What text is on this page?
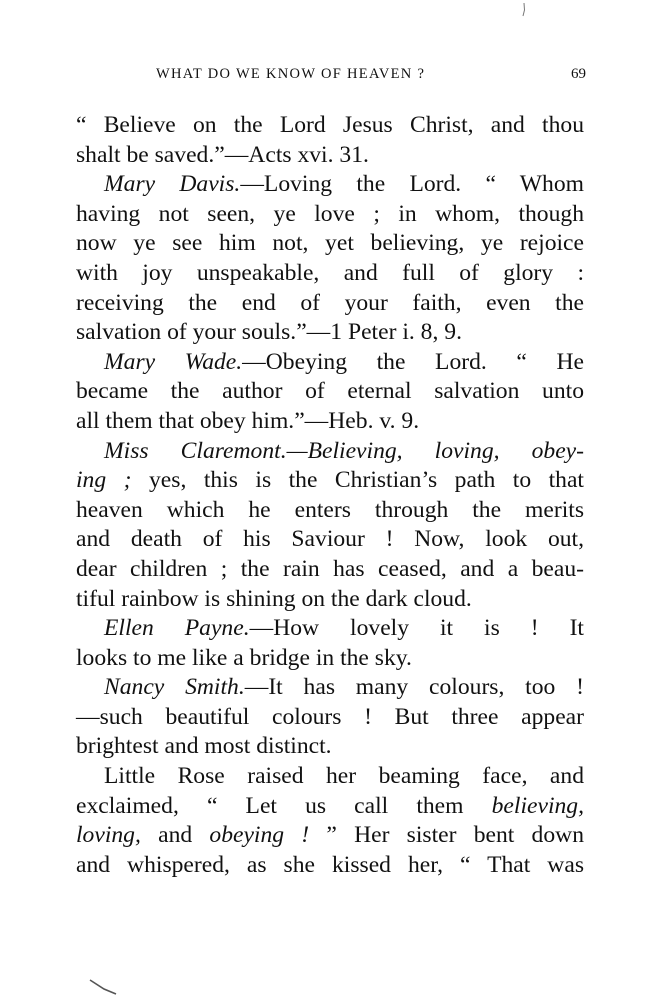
WHAT DO WE KNOW OF HEAVEN ?	69
“ Believe on the Lord Jesus Christ, and thou
shalt be saved.”—Acts xvi. 31.
Mary Davis.—Loving the Lord. “ Whom
having not seen, ye love ; in whom, though
now ye see him not, yet believing, ye rejoice
with joy unspeakable, and full of glory :
receiving the end of your faith, even the
salvation of your souls.”—1 Peter i. 8, 9.
Mary Wade.—Obeying the Lord. “ He
became the author of eternal salvation unto
all them that obey him.”—Heb. v. 9.
Miss Claremont.—Believing, loving, obey-
ing ; yes, this is the Christian’s path to that
heaven which he enters through the merits
and death of his Saviour ! Now, look out,
dear children ; the rain has ceased, and a beau-
tiful rainbow is shining on the dark cloud.
Ellen Payne.—How lovely it is ! It
looks to me like a bridge in the sky.
Nancy Smith.—It has many colours, too !
—such beautiful colours ! But three appear
brightest and most distinct.
Little Rose raised her beaming face, and
exclaimed, “ Let us call them believing,
loving, and obeying ! ” Her sister bent down
and whispered, as she kissed her, “ That was
